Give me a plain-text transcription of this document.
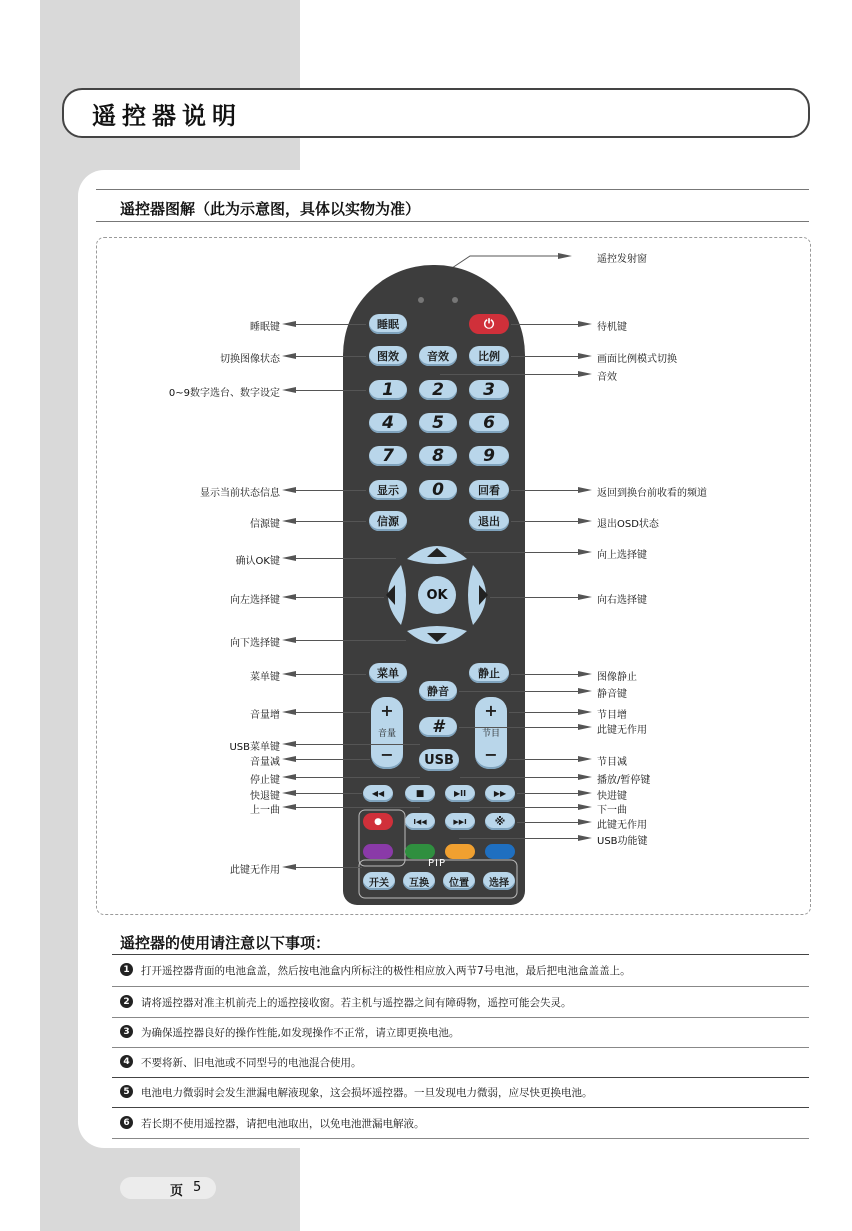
遥控器说明
遥控器图解（此为示意图，具体以实物为准）
睡眠	⏻
图效	音效	比例
1	2	3
4	5	6
7	8	9
显示	0	回看
信源	退出
OK
菜单	静止
静音
+
音量
−
+
节目
−
#
USB
◀◀	■	▶II	▶▶
●	I◀◀	▶▶I	※
PIP
开关	互换	位置	选择
睡眠键
切换图像状态
0~9数字选台、数字设定
显示当前状态信息
信源键
确认OK键
向左选择键
向下选择键
菜单键
音量增
USB菜单键
音量减
停止键
快退键
上一曲
此键无作用
遥控发射窗
待机键
画面比例模式切换
音效
返回到换台前收看的频道
退出OSD状态
向上选择键
向右选择键
图像静止
静音键
节目增
此键无作用
节目减
播放/暂停键
快进键
下一曲
此键无作用
USB功能键
遥控器的使用请注意以下事项：
1	打开遥控器背面的电池盒盖，然后按电池盒内所标注的极性相应放入两节7号电池，最后把电池盒盖盖上。
2	请将遥控器对准主机前壳上的遥控接收窗。若主机与遥控器之间有障碍物，遥控可能会失灵。
3	为确保遥控器良好的操作性能,如发现操作不正常，请立即更换电池。
4	不要将新、旧电池或不同型号的电池混合使用。
5	电池电力微弱时会发生泄漏电解液现象，这会损坏遥控器。一旦发现电力微弱，应尽快更换电池。
6	若长期不使用遥控器，请把电池取出，以免电池泄漏电解液。
页 5
